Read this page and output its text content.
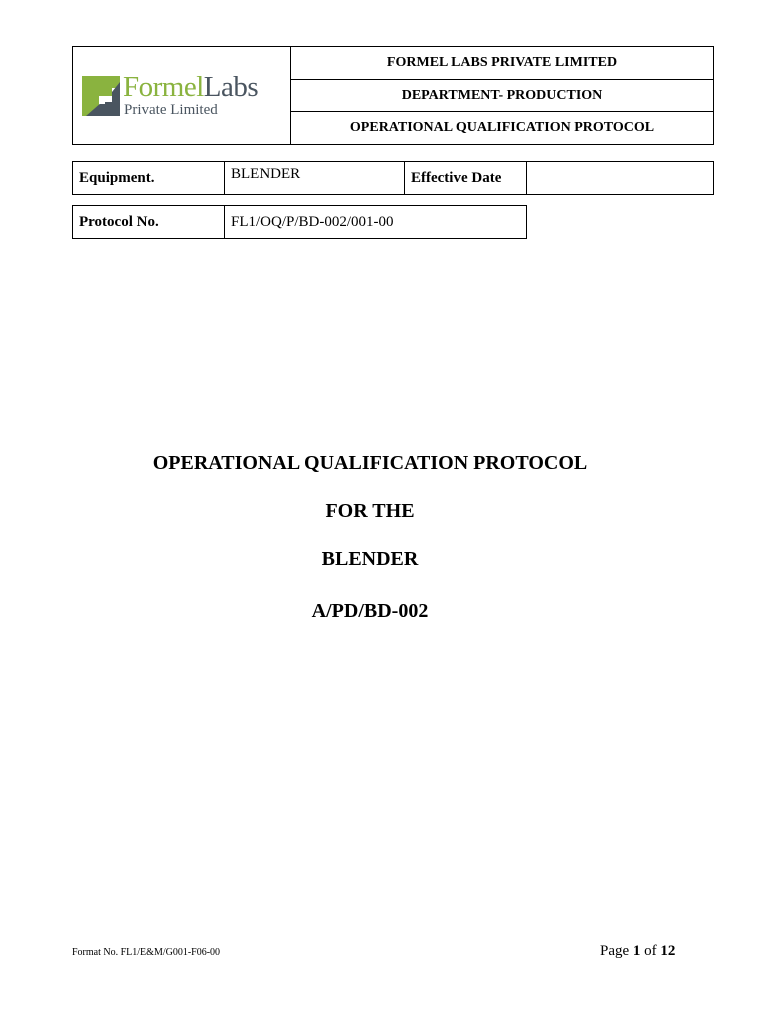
FormelLabs
Private Limited
FORMEL LABS PRIVATE LIMITED
DEPARTMENT- PRODUCTION
OPERATIONAL QUALIFICATION PROTOCOL
Equipment.	BLENDER	Effective Date
Protocol No.	FL1/OQ/P/BD-002/001-00
OPERATIONAL QUALIFICATION PROTOCOL
FOR THE
BLENDER
A/PD/BD-002
Format No. FL1/E&M/G001-F06-00	Page 1 of 12
